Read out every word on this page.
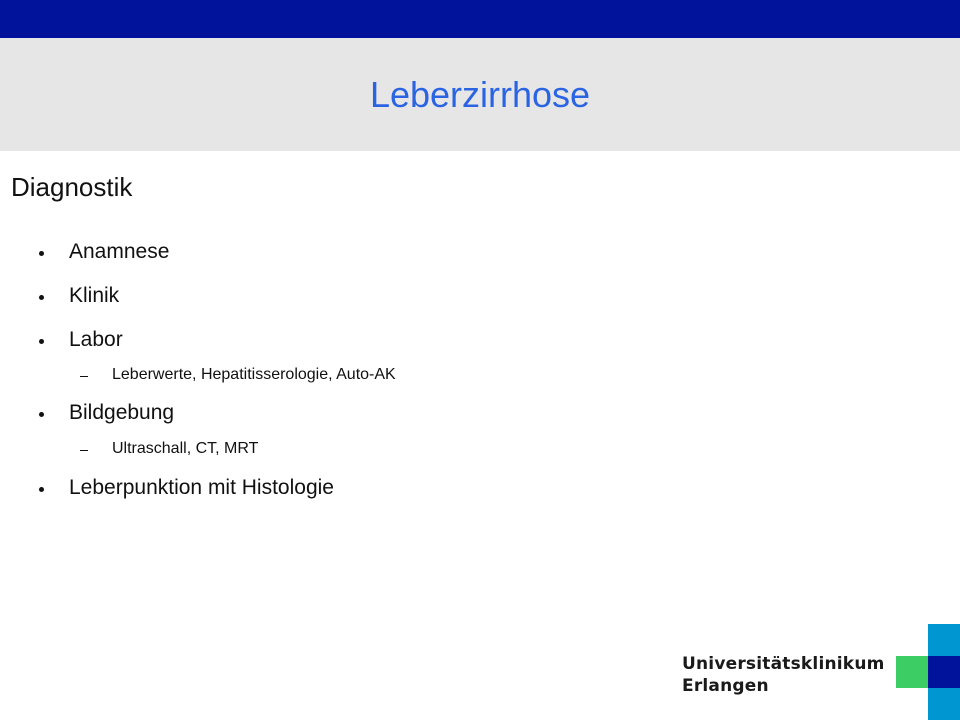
Leberzirrhose
Diagnostik
Anamnese
Klinik
Labor
Leberwerte, Hepatitisserologie, Auto-AK
Bildgebung
Ultraschall, CT, MRT
Leberpunktion mit Histologie
Universitätsklinikum
Erlangen
